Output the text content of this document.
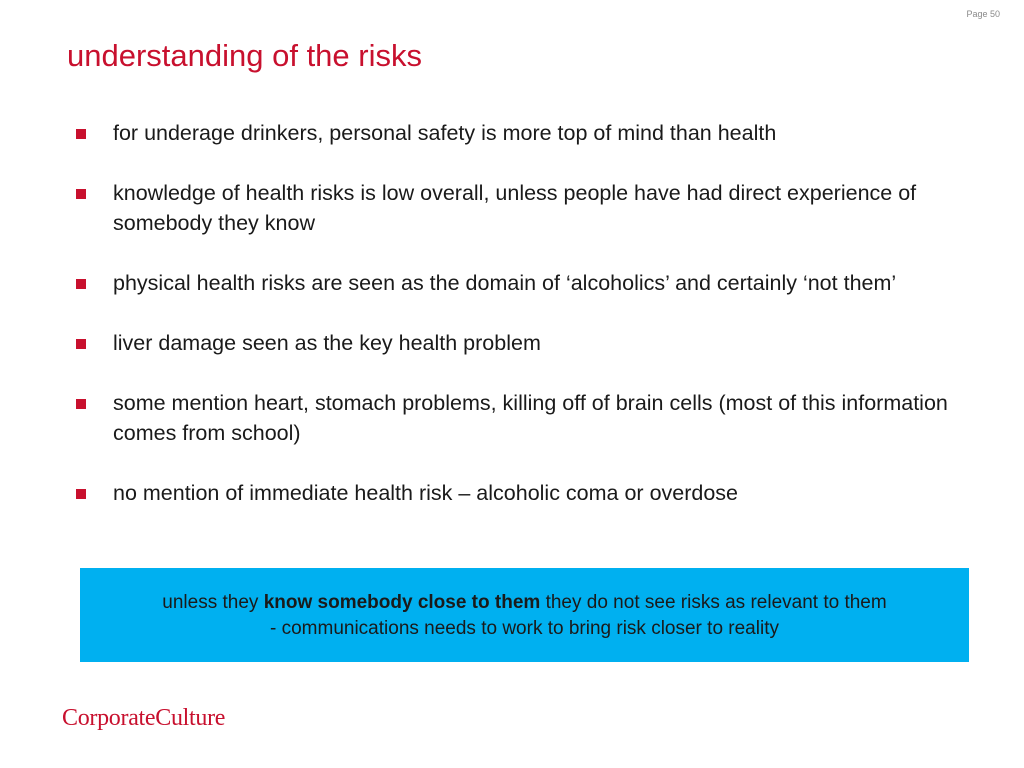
Page 50
understanding of the risks
for underage drinkers, personal safety is more top of mind than health
knowledge of health risks is low overall, unless people have had direct experience of somebody they know
physical health risks are seen as the domain of ‘alcoholics’ and certainly ‘not them’
liver damage seen as the key health problem
some mention heart, stomach problems, killing off of brain cells (most of this information comes from school)
no mention of immediate health risk – alcoholic coma or overdose
unless they know somebody close to them they do not see risks as relevant to them
- communications needs to work to bring risk closer to reality
CorporateCulture
